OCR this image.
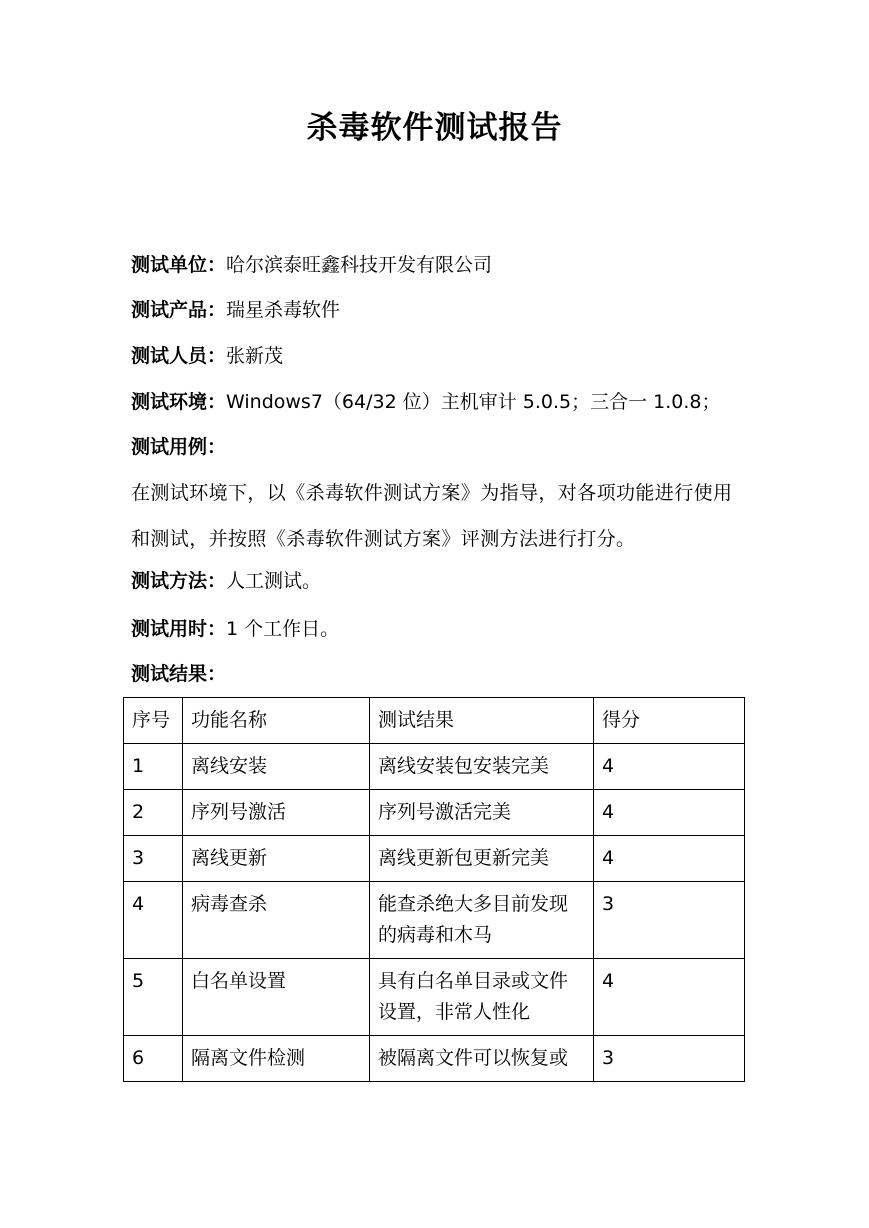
杀毒软件测试报告
测试单位：哈尔滨泰旺鑫科技开发有限公司
测试产品：瑞星杀毒软件
测试人员：张新茂
测试环境：Windows7（64/32 位）主机审计 5.0.5；三合一 1.0.8；
测试用例：
在测试环境下，以《杀毒软件测试方案》为指导，对各项功能进行使用和测试，并按照《杀毒软件测试方案》评测方法进行打分。
测试方法：人工测试。
测试用时：1 个工作日。
测试结果：
序号	功能名称	测试结果	得分
1	离线安装	离线安装包安装完美	4
2	序列号激活	序列号激活完美	4
3	离线更新	离线更新包更新完美	4
4	病毒查杀	能查杀绝大多目前发现的病毒和木马	3
5	白名单设置	具有白名单目录或文件设置，非常人性化	4
6	隔离文件检测	被隔离文件可以恢复或	3
